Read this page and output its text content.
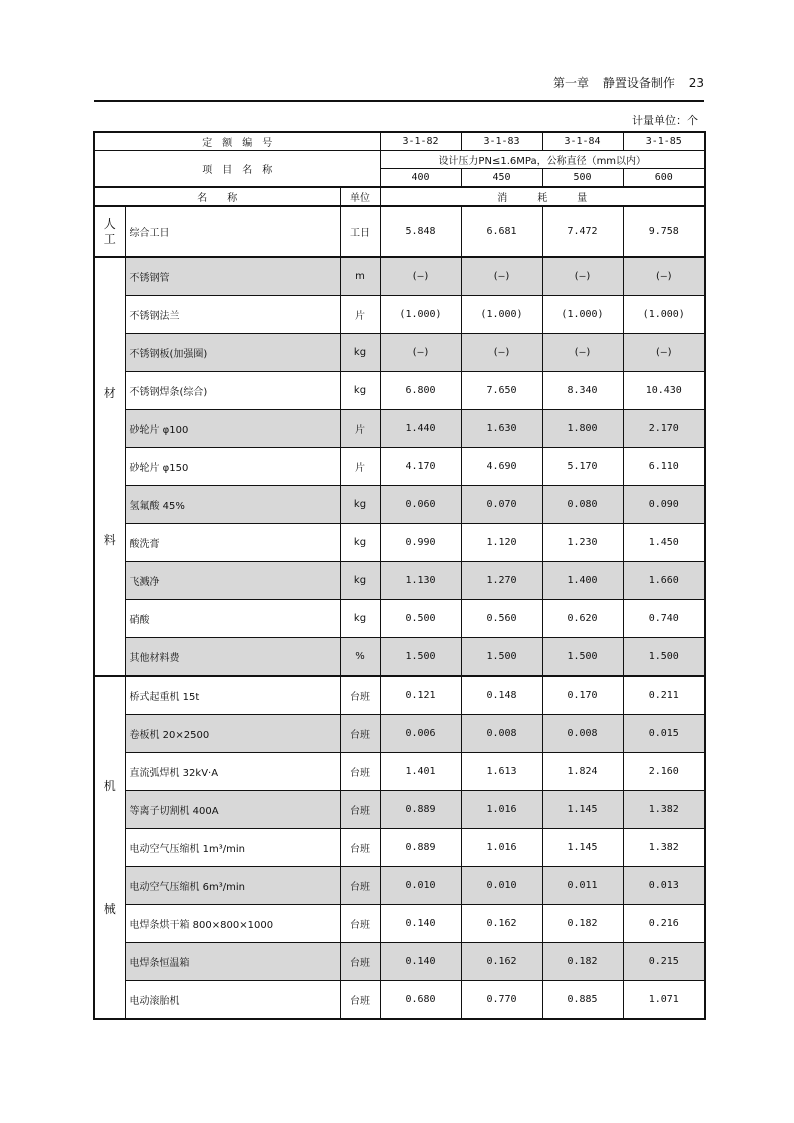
第一章 静置设备制作 23
计量单位：个
定　额　编　号			3-1-82	3-1-83	3-1-84	3-1-85
项　目　名　称			设计压力PN≤1.6MPa，公称直径（mm以内）			
			400	450	500	600
名　　称		单位	消　　　耗　　　量			

人
工	综合工日	工日	5.848	6.681	7.472	9.758

材
料	不锈钢管	m	(—)	(—)	(—)	(—)
	不锈钢法兰	片	(1.000)	(1.000)	(1.000)	(1.000)
	不锈钢板(加强圈)	kg	(—)	(—)	(—)	(—)
	不锈钢焊条(综合)	kg	6.800	7.650	8.340	10.430
	砂轮片 φ100	片	1.440	1.630	1.800	2.170
	砂轮片 φ150	片	4.170	4.690	5.170	6.110
	氢氟酸 45%	kg	0.060	0.070	0.080	0.090
	酸洗膏	kg	0.990	1.120	1.230	1.450
	飞溅净	kg	1.130	1.270	1.400	1.660
	硝酸	kg	0.500	0.560	0.620	0.740
	其他材料费	%	1.500	1.500	1.500	1.500

机
械	桥式起重机 15t	台班	0.121	0.148	0.170	0.211
	卷板机 20×2500	台班	0.006	0.008	0.008	0.015
	直流弧焊机 32kV·A	台班	1.401	1.613	1.824	2.160
	等离子切割机 400A	台班	0.889	1.016	1.145	1.382
	电动空气压缩机 1m³/min	台班	0.889	1.016	1.145	1.382
	电动空气压缩机 6m³/min	台班	0.010	0.010	0.011	0.013
	电焊条烘干箱 800×800×1000	台班	0.140	0.162	0.182	0.216
	电焊条恒温箱	台班	0.140	0.162	0.182	0.215
	电动滚胎机	台班	0.680	0.770	0.885	1.071
